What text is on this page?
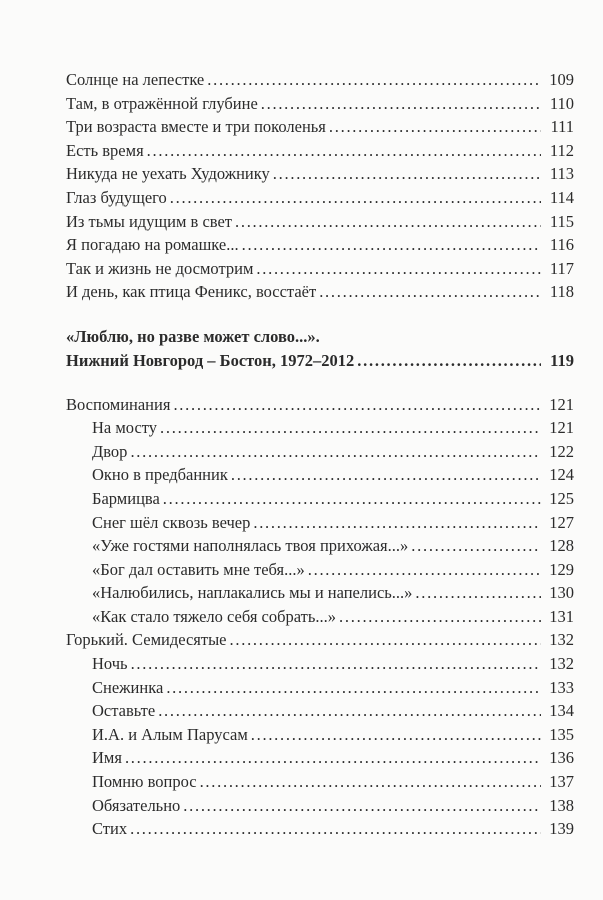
Солнце на лепестке . . .	109
Там, в отражённой глубине . . .	110
Три возраста вместе и три поколенья . . .	111
Есть время . . .	112
Никуда не уехать Художнику . . .	113
Глаз будущего . . .	114
Из тьмы идущим в свет . . .	115
Я погадаю на ромашке... . . .	116
Так и жизнь не досмотрим . . .	117
И день, как птица Феникс, восстаёт . . .	118
«Люблю, но разве может слово...».
Нижний Новгород – Бостон, 1972–2012 . . .	119
Воспоминания . . .	121
На мосту . . .	121
Двор . . .	122
Окно в предбанник . . .	124
Бармицва . . .	125
Снег шёл сквозь вечер . . .	127
«Уже гостями наполнялась твоя прихожая...» . . .	128
«Бог дал оставить мне тебя...» . . .	129
«Налюбились, наплакались мы и напелись...» . . .	130
«Как стало тяжело себя собрать...» . . .	131
Горький. Семидесятые . . .	132
Ночь . . .	132
Снежинка . . .	133
Оставьте . . .	134
И.А. и Алым Парусам . . .	135
Имя . . .	136
Помню вопрос . . .	137
Обязательно . . .	138
Стих . . .	139
